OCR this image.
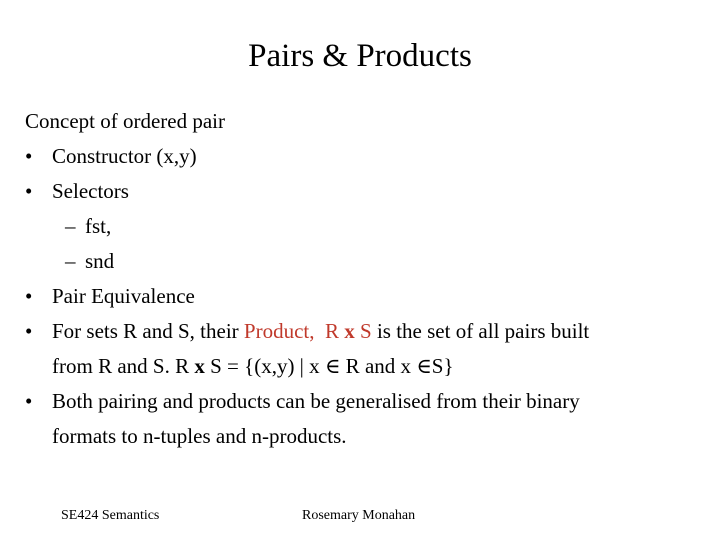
Pairs & Products
Concept of ordered pair
• Constructor (x,y)
• Selectors
– fst,
– snd
• Pair Equivalence
• For sets R and S, their Product, R x S is the set of all pairs built
from R and S. R x S = {(x,y) | x ∈ R and x ∈S}
• Both pairing and products can be generalised from their binary
formats to n-tuples and n-products.
SE424 Semantics	Rosemary Monahan
